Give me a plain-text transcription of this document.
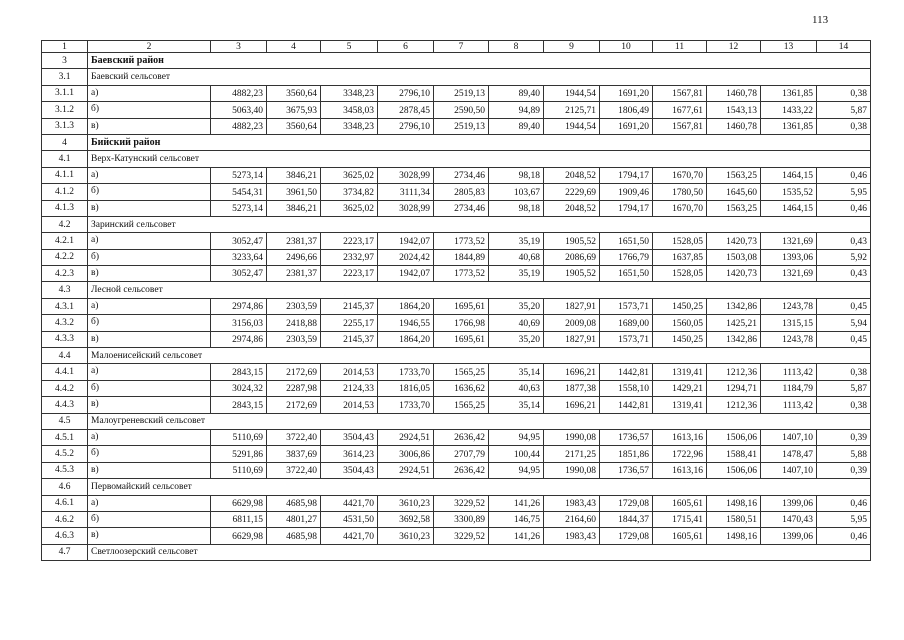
113
1	2	3	4	5	6	7	8	9	10	11	12	13	14
3	Баевский район												
3.1	Баевский сельсовет												
3.1.1	а)	4882,23	3560,64	3348,23	2796,10	2519,13	89,40	1944,54	1691,20	1567,81	1460,78	1361,85	0,38
3.1.2	б)	5063,40	3675,93	3458,03	2878,45	2590,50	94,89	2125,71	1806,49	1677,61	1543,13	1433,22	5,87
3.1.3	в)	4882,23	3560,64	3348,23	2796,10	2519,13	89,40	1944,54	1691,20	1567,81	1460,78	1361,85	0,38
4	Бийский район												
4.1	Верх-Катунский сельсовет												
4.1.1	а)	5273,14	3846,21	3625,02	3028,99	2734,46	98,18	2048,52	1794,17	1670,70	1563,25	1464,15	0,46
4.1.2	б)	5454,31	3961,50	3734,82	3111,34	2805,83	103,67	2229,69	1909,46	1780,50	1645,60	1535,52	5,95
4.1.3	в)	5273,14	3846,21	3625,02	3028,99	2734,46	98,18	2048,52	1794,17	1670,70	1563,25	1464,15	0,46
4.2	Заринский сельсовет												
4.2.1	а)	3052,47	2381,37	2223,17	1942,07	1773,52	35,19	1905,52	1651,50	1528,05	1420,73	1321,69	0,43
4.2.2	б)	3233,64	2496,66	2332,97	2024,42	1844,89	40,68	2086,69	1766,79	1637,85	1503,08	1393,06	5,92
4.2.3	в)	3052,47	2381,37	2223,17	1942,07	1773,52	35,19	1905,52	1651,50	1528,05	1420,73	1321,69	0,43
4.3	Лесной сельсовет												
4.3.1	а)	2974,86	2303,59	2145,37	1864,20	1695,61	35,20	1827,91	1573,71	1450,25	1342,86	1243,78	0,45
4.3.2	б)	3156,03	2418,88	2255,17	1946,55	1766,98	40,69	2009,08	1689,00	1560,05	1425,21	1315,15	5,94
4.3.3	в)	2974,86	2303,59	2145,37	1864,20	1695,61	35,20	1827,91	1573,71	1450,25	1342,86	1243,78	0,45
4.4	Малоенисейский сельсовет												
4.4.1	а)	2843,15	2172,69	2014,53	1733,70	1565,25	35,14	1696,21	1442,81	1319,41	1212,36	1113,42	0,38
4.4.2	б)	3024,32	2287,98	2124,33	1816,05	1636,62	40,63	1877,38	1558,10	1429,21	1294,71	1184,79	5,87
4.4.3	в)	2843,15	2172,69	2014,53	1733,70	1565,25	35,14	1696,21	1442,81	1319,41	1212,36	1113,42	0,38
4.5	Малоугреневский сельсовет												
4.5.1	а)	5110,69	3722,40	3504,43	2924,51	2636,42	94,95	1990,08	1736,57	1613,16	1506,06	1407,10	0,39
4.5.2	б)	5291,86	3837,69	3614,23	3006,86	2707,79	100,44	2171,25	1851,86	1722,96	1588,41	1478,47	5,88
4.5.3	в)	5110,69	3722,40	3504,43	2924,51	2636,42	94,95	1990,08	1736,57	1613,16	1506,06	1407,10	0,39
4.6	Первомайский сельсовет												
4.6.1	а)	6629,98	4685,98	4421,70	3610,23	3229,52	141,26	1983,43	1729,08	1605,61	1498,16	1399,06	0,46
4.6.2	б)	6811,15	4801,27	4531,50	3692,58	3300,89	146,75	2164,60	1844,37	1715,41	1580,51	1470,43	5,95
4.6.3	в)	6629,98	4685,98	4421,70	3610,23	3229,52	141,26	1983,43	1729,08	1605,61	1498,16	1399,06	0,46
4.7	Светлоозерский сельсовет												
